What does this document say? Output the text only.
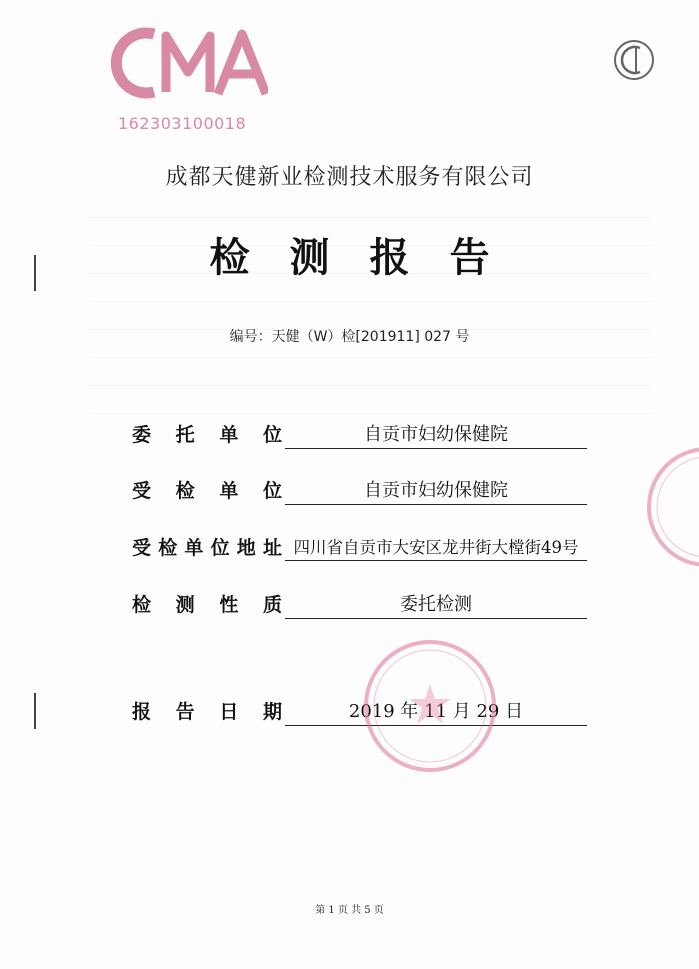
162303100018
成都天健新业检测技术服务有限公司
检测报告
编号：天健（W）检[201911] 027 号
委 托 单 位	自贡市妇幼保健院
受 检 单 位	自贡市妇幼保健院
受 检 单 位 地 址 四川省自贡市大安区龙井街大樘街49号
检 测 性 质	委托检测
报 告 日 期	2019 年 11 月 29 日
第 1 页 共 5 页
